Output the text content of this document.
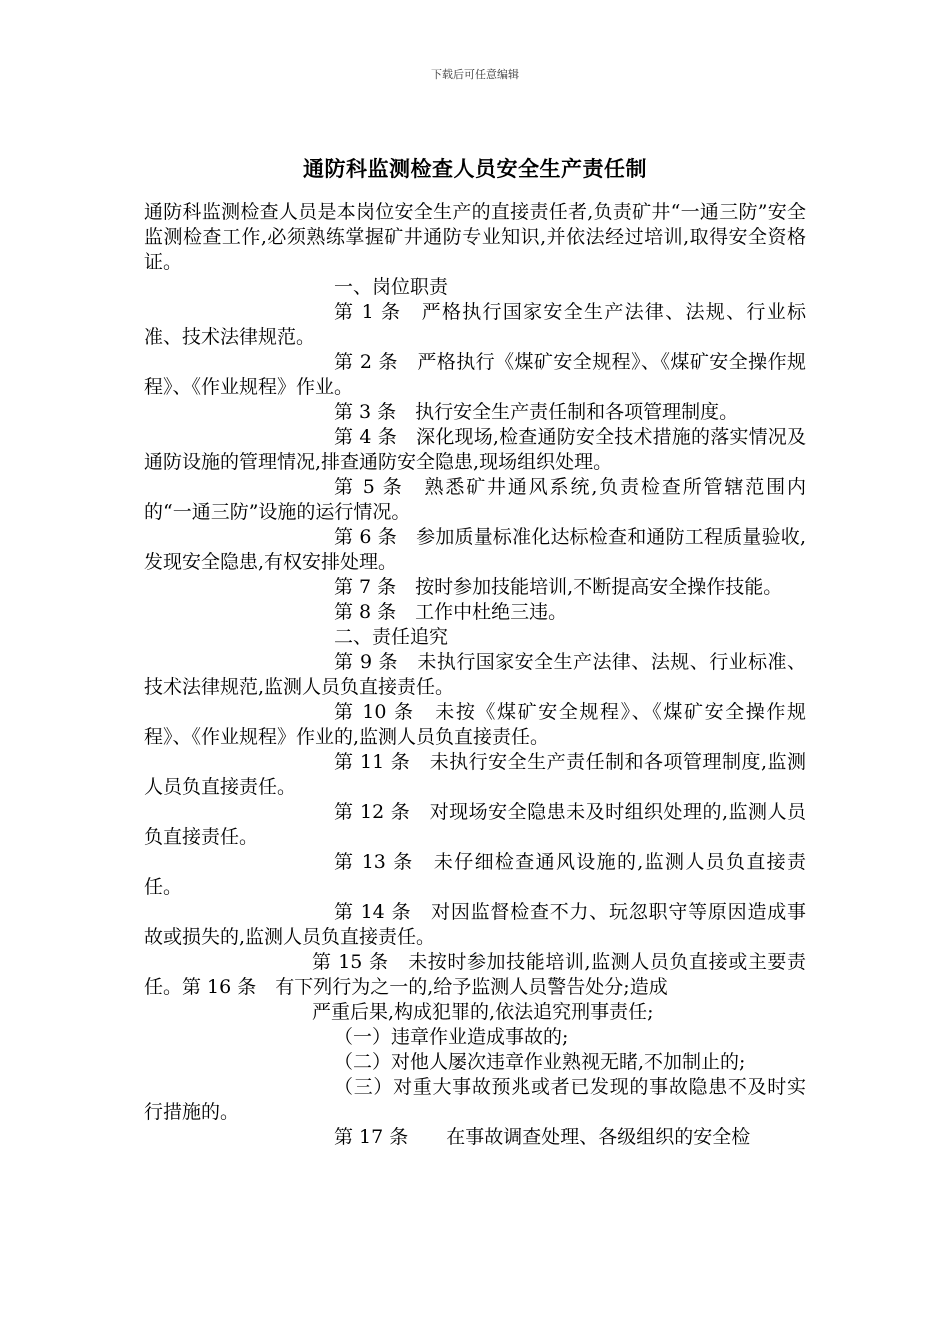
下载后可任意编辑
通防科监测检查人员安全生产责任制

通防科监测检查人员是本岗位安全生产的直接责任者,负责矿井“一通三防”安全监测检查工作,必须熟练掌握矿井通防专业知识,并依法经过培训,取得安全资格证。

一、岗位职责

第 1 条　严格执行国家安全生产法律、法规、行业标准、技术法律规范。

第 2 条　严格执行《煤矿安全规程》、《煤矿安全操作规程》、《作业规程》作业。

第 3 条　执行安全生产责任制和各项管理制度。

第 4 条　深化现场,检查通防安全技术措施的落实情况及通防设施的管理情况,排查通防安全隐患,现场组织处理。

第 5 条　熟悉矿井通风系统,负责检查所管辖范围内的“一通三防”设施的运行情况。

第 6 条　参加质量标准化达标检查和通防工程质量验收,发现安全隐患,有权安排处理。

第 7 条　按时参加技能培训,不断提高安全操作技能。

第 8 条　工作中杜绝三违。

二、责任追究

第 9 条　未执行国家安全生产法律、法规、行业标准、技术法律规范,监测人员负直接责任。

第 10 条　未按《煤矿安全规程》、《煤矿安全操作规程》、《作业规程》作业的,监测人员负直接责任。

第 11 条　未执行安全生产责任制和各项管理制度,监测人员负直接责任。

第 12 条　对现场安全隐患未及时组织处理的,监测人员负直接责任。

第 13 条　未仔细检查通风设施的,监测人员负直接责任。

第 14 条　对因监督检查不力、玩忽职守等原因造成事故或损失的,监测人员负直接责任。

第 15 条　未按时参加技能培训,监测人员负直接或主要责任。第 16 条　有下列行为之一的,给予监测人员警告处分;造成

严重后果,构成犯罪的,依法追究刑事责任;

（一）违章作业造成事故的;

（二）对他人屡次违章作业熟视无睹,不加制止的;

（三）对重大事故预兆或者已发现的事故隐患不及时实行措施的。

第 17 条　　在事故调查处理、各级组织的安全检
